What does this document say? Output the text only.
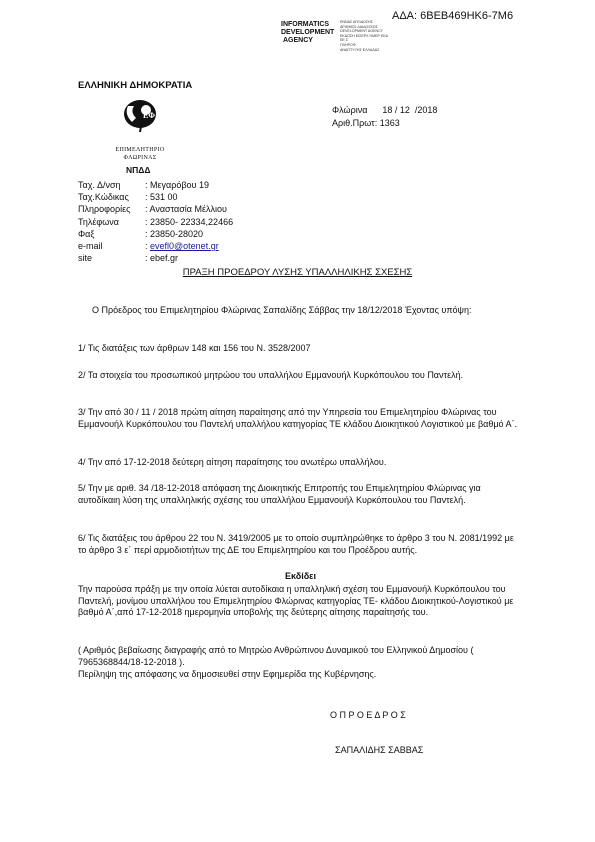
ΑΔΑ: 6ΒΕΒ469ΗΚ6-7Μ6
INFORMATICS
DEVELOPMENT
AGENCY
ΕΝΝΑΣ ΑΠΟΔΟΣΗΣ
ΑΡΙΘΜΟΣ ΔΙΑΔΟΣΕΩΣ
DEVELOPMENT AGENCY
ΕΚΔΟΣΗ ΕΙΣΕΡΧ ΗΜΕΡ ΕΚΔ
ΕΕ Σ
ΠΛΗΡΟΦ
ΑΝΑΠΤΥΞΗΣ ΕΛΛΑΔΑΣ
ΕΛΛΗΝΙΚΗ ΔΗΜΟΚΡΑΤΙΑ
ΕΦ
ΕΠΙΜΕΛΗΤΗΡΙΟ
ΦΛΩΡΙΝΑΣ
ΝΠΔΔ
Φλώρινα      18 / 12  /2018
Αριθ.Πρωτ: 1363
Ταχ. Δ/νση	: Μεγαρόβου 19
Ταχ.Κώδικας	: 531 00
Πληροφορίες	: Αναστασία Μέλλιου
Τηλέφωνα	: 23850- 22334,22466
Φαξ	: 23850-28020
e-mail	: evefl0@otenet.gr
site	: ebef.gr
ΠΡΑΞΗ ΠΡΟΕΔΡΟΥ ΛΥΣΗΣ ΥΠΑΛΛΗΛΙΚΗΣ ΣΧΕΣΗΣ
Ο Πρόεδρος του Επιμελητηρίου Φλώρινας Σαπαλίδης Σάββας την 18/12/2018 Έχοντας υπόψη:
1/ Τις διατάξεις των άρθρων 148 και 156 του Ν. 3528/2007
2/ Τα στοιχεία του προσωπικού μητρώου του υπαλλήλου Εμμανουήλ Κυρκόπουλου του Παντελή.
3/ Την από 30 / 11 / 2018 πρώτη αίτηση παραίτησης από την Υπηρεσία του Επιμελητηρίου Φλώρινας του Εμμανουήλ Κυρκόπουλου του Παντελή υπαλλήλου κατηγορίας ΤΕ κλάδου Διοικητικού Λογιστικού με βαθμό Α΄.
4/ Την από 17-12-2018 δεύτερη αίτηση παραίτησης του ανωτέρω υπαλλήλου.
5/ Την με αριθ. 34 /18-12-2018 απόφαση της Διοικητικής Επιτροπής του Επιμελητηρίου Φλώρινας για αυτοδίκαιη λύση της υπαλληλικής σχέσης του υπαλλήλου Εμμανουήλ Κυρκόπουλου του Παντελή.
6/ Τις διατάξεις του άρθρου 22 του Ν. 3419/2005 με το οποίο συμπληρώθηκε το άρθρο 3 του Ν. 2081/1992 με το άρθρο 3 ε΄ περί αρμοδιοτήτων της ΔΕ του Επιμελητηρίου και του Προέδρου αυτής.
Εκδίδει
Την παρούσα πράξη με την οποία λύεται αυτοδίκαια η υπαλληλική σχέση του Εμμανουήλ Κυρκόπουλου του Παντελή, μονίμου υπαλλήλου του Επιμελητηρίου Φλώρινας κατηγορίας ΤΕ- κλάδου Διοικητικού-Λογιστικού με βαθμό Α΄,από 17-12-2018 ημερομηνία υποβολής της δεύτερης αίτησης παραίτησής του.
( Αριθμός βεβαίωσης διαγραφής από το Μητρώο Ανθρώπινου Δυναμικού του Ελληνικού Δημοσίου ( 7965368844/18-12-2018 ).
Περίληψη της απόφασης να δημοσιευθεί στην Εφημερίδα της Κυβέρνησης.
Ο Π Ρ Ο Ε Δ Ρ Ο Σ
ΣΑΠΑΛΙΔΗΣ ΣΑΒΒΑΣ
